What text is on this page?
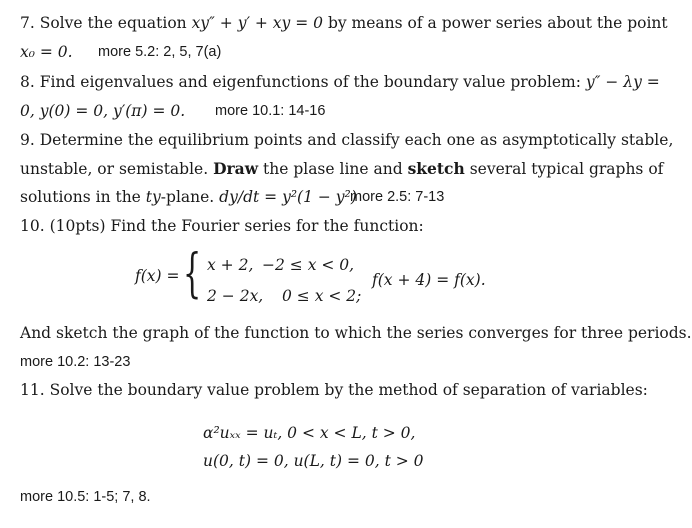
7. Solve the equation xy″ + y′ + xy = 0 by means of a power series about the point
x₀ = 0. more 5.2: 2, 5, 7(a)
8. Find eigenvalues and eigenfunctions of the boundary value problem: y″ − λy =
0, y(0) = 0, y′(π) = 0. more 10.1: 14-16
9. Determine the equilibrium points and classify each one as asymptotically stable,
unstable, or semistable. Draw the plase line and sketch several typical graphs of
solutions in the ty-plane. dy/dt = y²(1 − y²)
more 2.5: 7-13
10. (10pts) Find the Fourier series for the function:
f(x) = { x + 2, −2 ≤ x < 0,
2 − 2x, 0 ≤ x < 2;
f(x + 4) = f(x).
And sketch the graph of the function to which the series converges for three periods.
more 10.2: 13-23
11. Solve the boundary value problem by the method of separation of variables:
α²uₓₓ = uₜ, 0 < x < L, t > 0,
u(0, t) = 0, u(L, t) = 0, t > 0
more 10.5: 1-5; 7, 8.
